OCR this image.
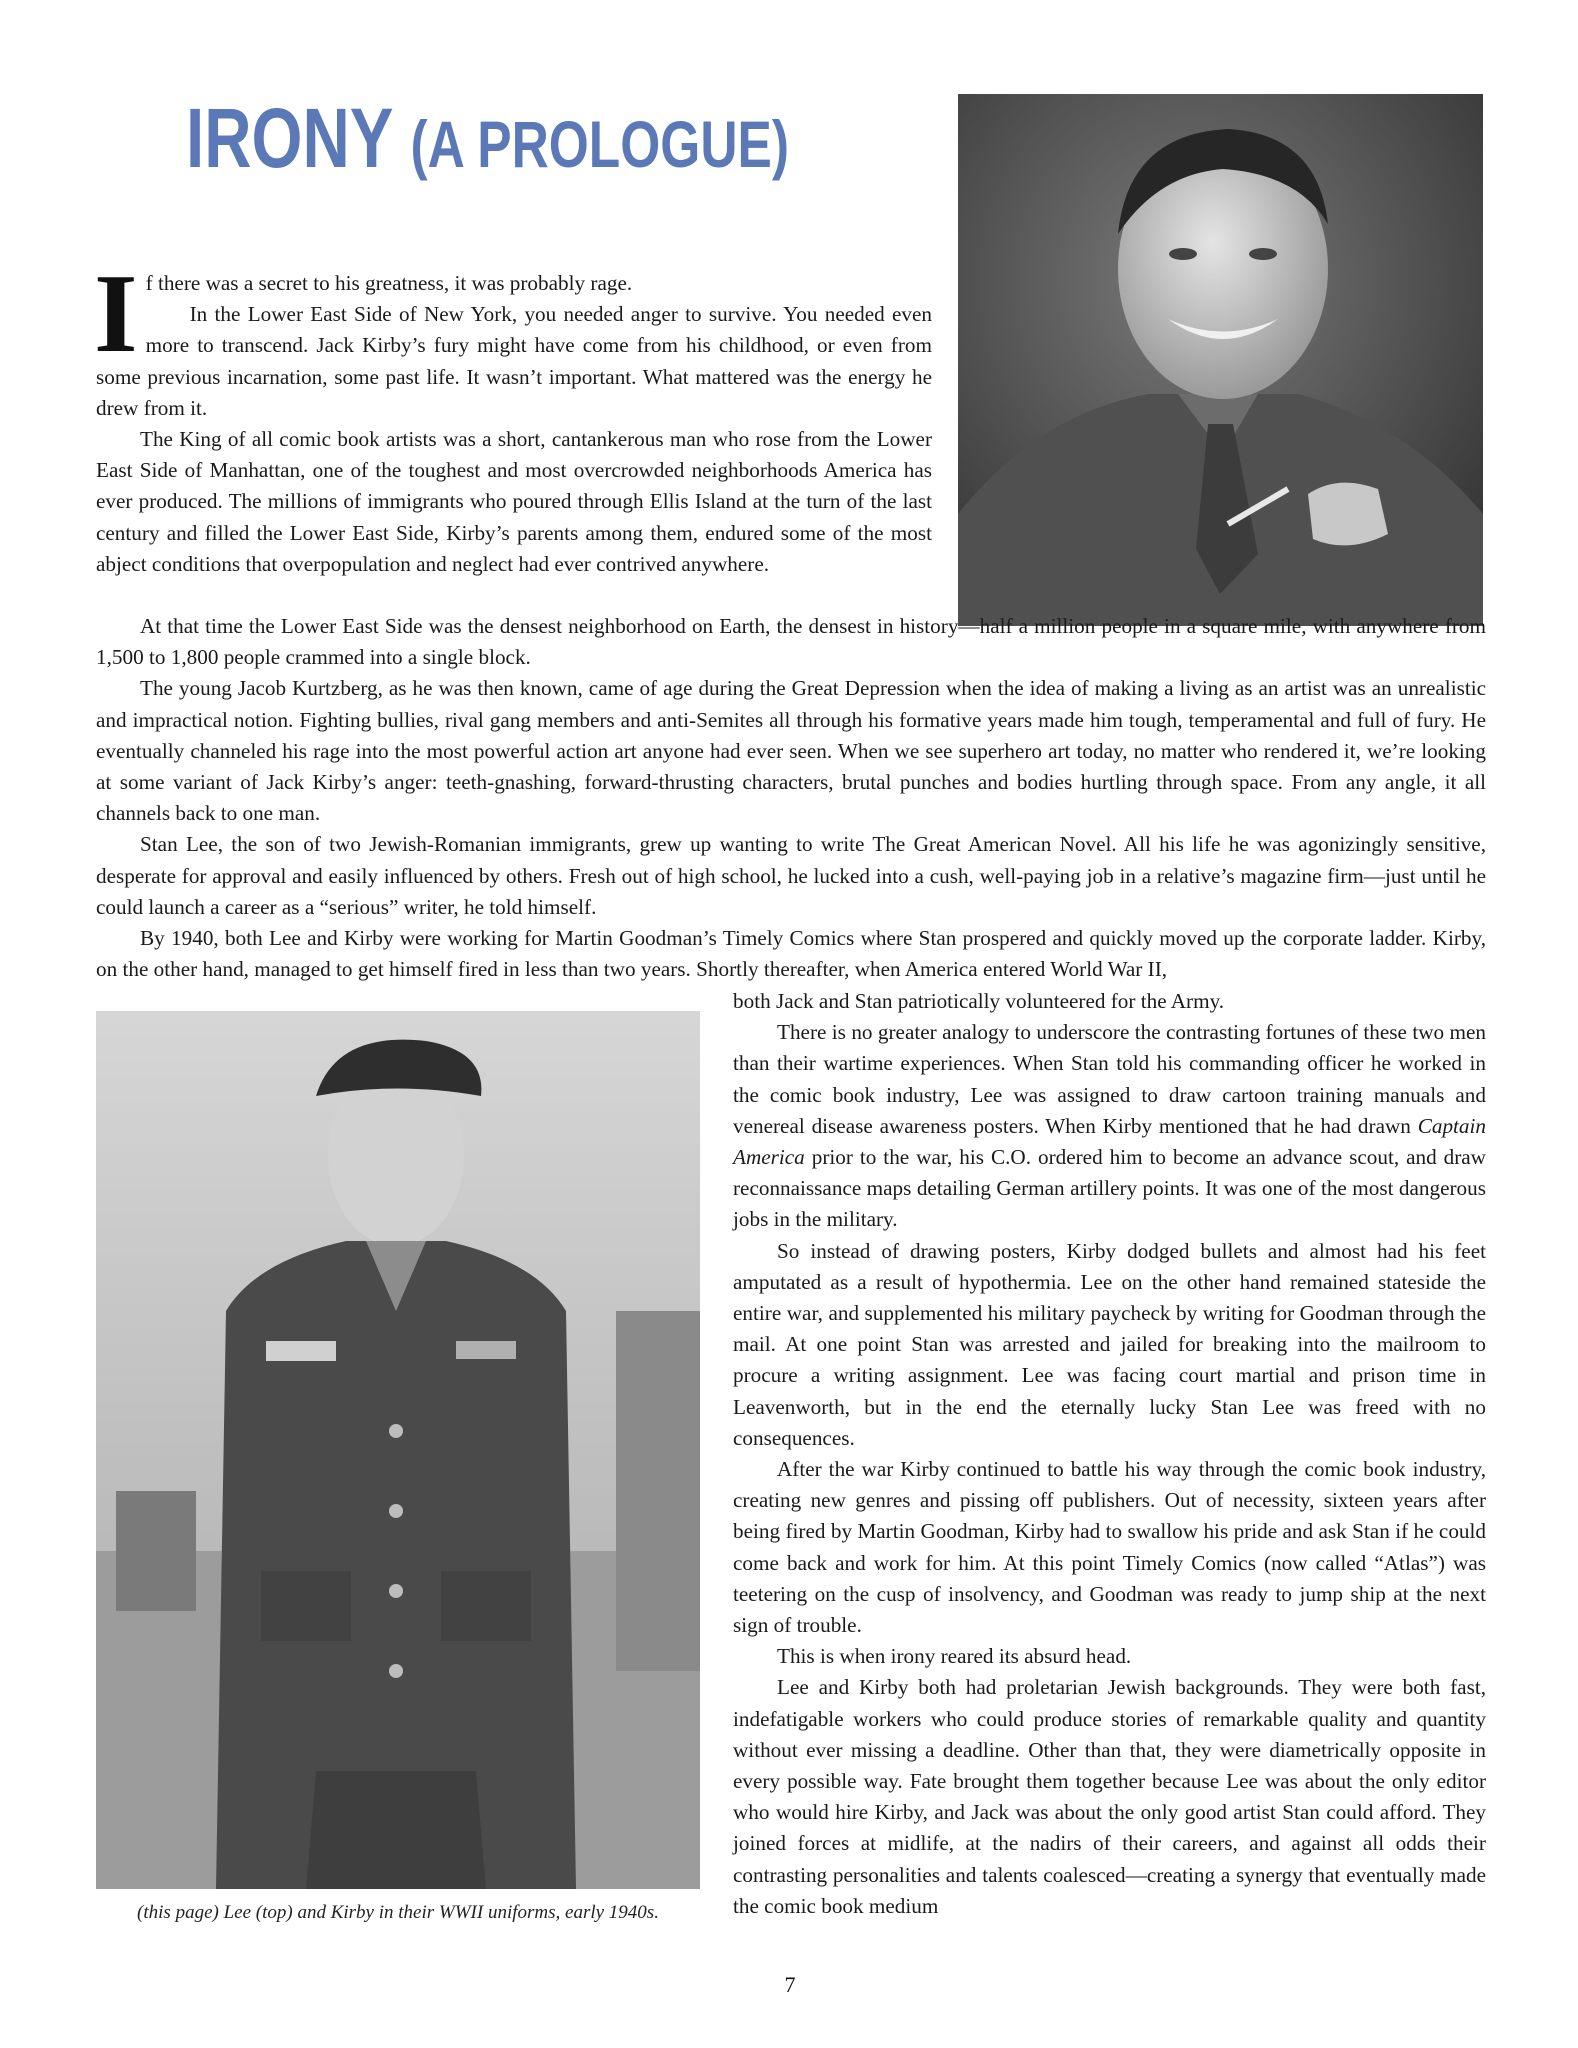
IRONY (A PROLOGUE)

If there was a secret to his greatness, it was probably rage.

In the Lower East Side of New York, you needed anger to survive. You needed even more to transcend. Jack Kirby’s fury might have come from his childhood, or even from some previous incarnation, some past life. It wasn’t important. What mattered was the energy he drew from it.

The King of all comic book artists was a short, cantankerous man who rose from the Lower East Side of Manhattan, one of the toughest and most overcrowded neighborhoods America has ever produced. The millions of immigrants who poured through Ellis Island at the turn of the last century and filled the Lower East Side, Kirby’s parents among them, endured some of the most abject conditions that overpopulation and neglect had ever contrived anywhere.

At that time the Lower East Side was the densest neighborhood on Earth, the densest in history—half a million people in a square mile, with anywhere from 1,500 to 1,800 people crammed into a single block.

The young Jacob Kurtzberg, as he was then known, came of age during the Great Depression when the idea of making a living as an artist was an unrealistic and impractical notion. Fighting bullies, rival gang members and anti-Semites all through his formative years made him tough, temperamental and full of fury. He eventually channeled his rage into the most powerful action art anyone had ever seen. When we see superhero art today, no matter who rendered it, we’re looking at some variant of Jack Kirby’s anger: teeth-gnashing, forward-thrusting characters, brutal punches and bodies hurtling through space. From any angle, it all channels back to one man.

Stan Lee, the son of two Jewish-Romanian immigrants, grew up wanting to write The Great American Novel. All his life he was agonizingly sensitive, desperate for approval and easily influenced by others. Fresh out of high school, he lucked into a cush, well-paying job in a relative’s magazine firm—just until he could launch a career as a “serious” writer, he told himself.

By 1940, both Lee and Kirby were working for Martin Goodman’s Timely Comics where Stan prospered and quickly moved up the corporate ladder. Kirby, on the other hand, managed to get himself fired in less than two years. Shortly thereafter, when America entered World War II,

(this page) Lee (top) and Kirby in their WWII uniforms, early 1940s.

both Jack and Stan patriotically volunteered for the Army.

There is no greater analogy to underscore the contrasting fortunes of these two men than their wartime experiences. When Stan told his commanding officer he worked in the comic book industry, Lee was assigned to draw cartoon training manuals and venereal disease awareness posters. When Kirby mentioned that he had drawn Captain America prior to the war, his C.O. ordered him to become an advance scout, and draw reconnaissance maps detailing German artillery points. It was one of the most dangerous jobs in the military.

So instead of drawing posters, Kirby dodged bullets and almost had his feet amputated as a result of hypothermia. Lee on the other hand remained stateside the entire war, and supplemented his military paycheck by writing for Goodman through the mail. At one point Stan was arrested and jailed for breaking into the mailroom to procure a writing assignment. Lee was facing court martial and prison time in Leavenworth, but in the end the eternally lucky Stan Lee was freed with no consequences.

After the war Kirby continued to battle his way through the comic book industry, creating new genres and pissing off publishers. Out of necessity, sixteen years after being fired by Martin Goodman, Kirby had to swallow his pride and ask Stan if he could come back and work for him. At this point Timely Comics (now called “Atlas”) was teetering on the cusp of insolvency, and Goodman was ready to jump ship at the next sign of trouble.

This is when irony reared its absurd head.

Lee and Kirby both had proletarian Jewish backgrounds. They were both fast, indefatigable workers who could produce stories of remarkable quality and quantity without ever missing a deadline. Other than that, they were diametrically opposite in every possible way. Fate brought them together because Lee was about the only editor who would hire Kirby, and Jack was about the only good artist Stan could afford. They joined forces at midlife, at the nadirs of their careers, and against all odds their contrasting personalities and talents coalesced—creating a synergy that eventually made the comic book medium

7
